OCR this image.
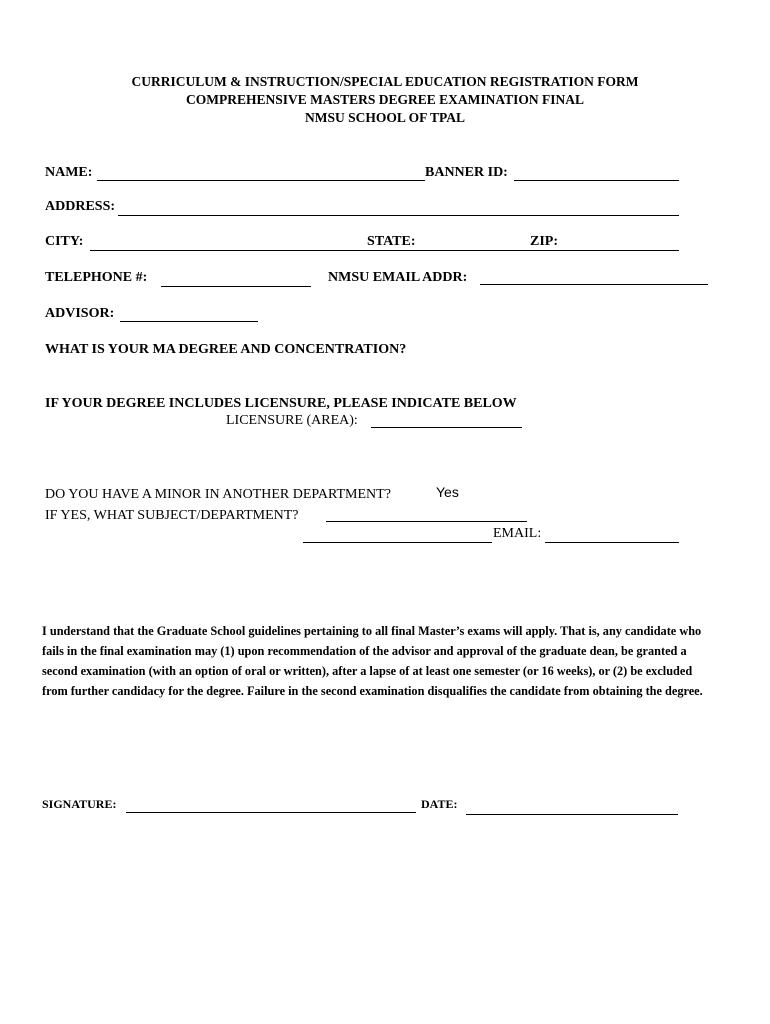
CURRICULUM & INSTRUCTION/SPECIAL EDUCATION REGISTRATION FORM
COMPREHENSIVE MASTERS DEGREE EXAMINATION FINAL
NMSU SCHOOL OF TPAL
NAME:	BANNER ID:
ADDRESS:
CITY:	STATE:	ZIP:
TELEPHONE #:	NMSU EMAIL ADDR:
ADVISOR:
WHAT IS YOUR MA DEGREE AND CONCENTRATION?
IF YOUR DEGREE INCLUDES LICENSURE, PLEASE INDICATE BELOW
LICENSURE (AREA):
DO YOU HAVE A MINOR IN ANOTHER DEPARTMENT?	Yes
IF YES, WHAT SUBJECT/DEPARTMENT?
EMAIL:
I understand that the Graduate School guidelines pertaining to all final Master’s exams will apply. That is, any candidate who fails in the final examination may (1) upon recommendation of the advisor and approval of the graduate dean, be granted a second examination (with an option of oral or written), after a lapse of at least one semester (or 16 weeks), or (2) be excluded from further candidacy for the degree. Failure in the second examination disqualifies the candidate from obtaining the degree.
SIGNATURE:	DATE:
